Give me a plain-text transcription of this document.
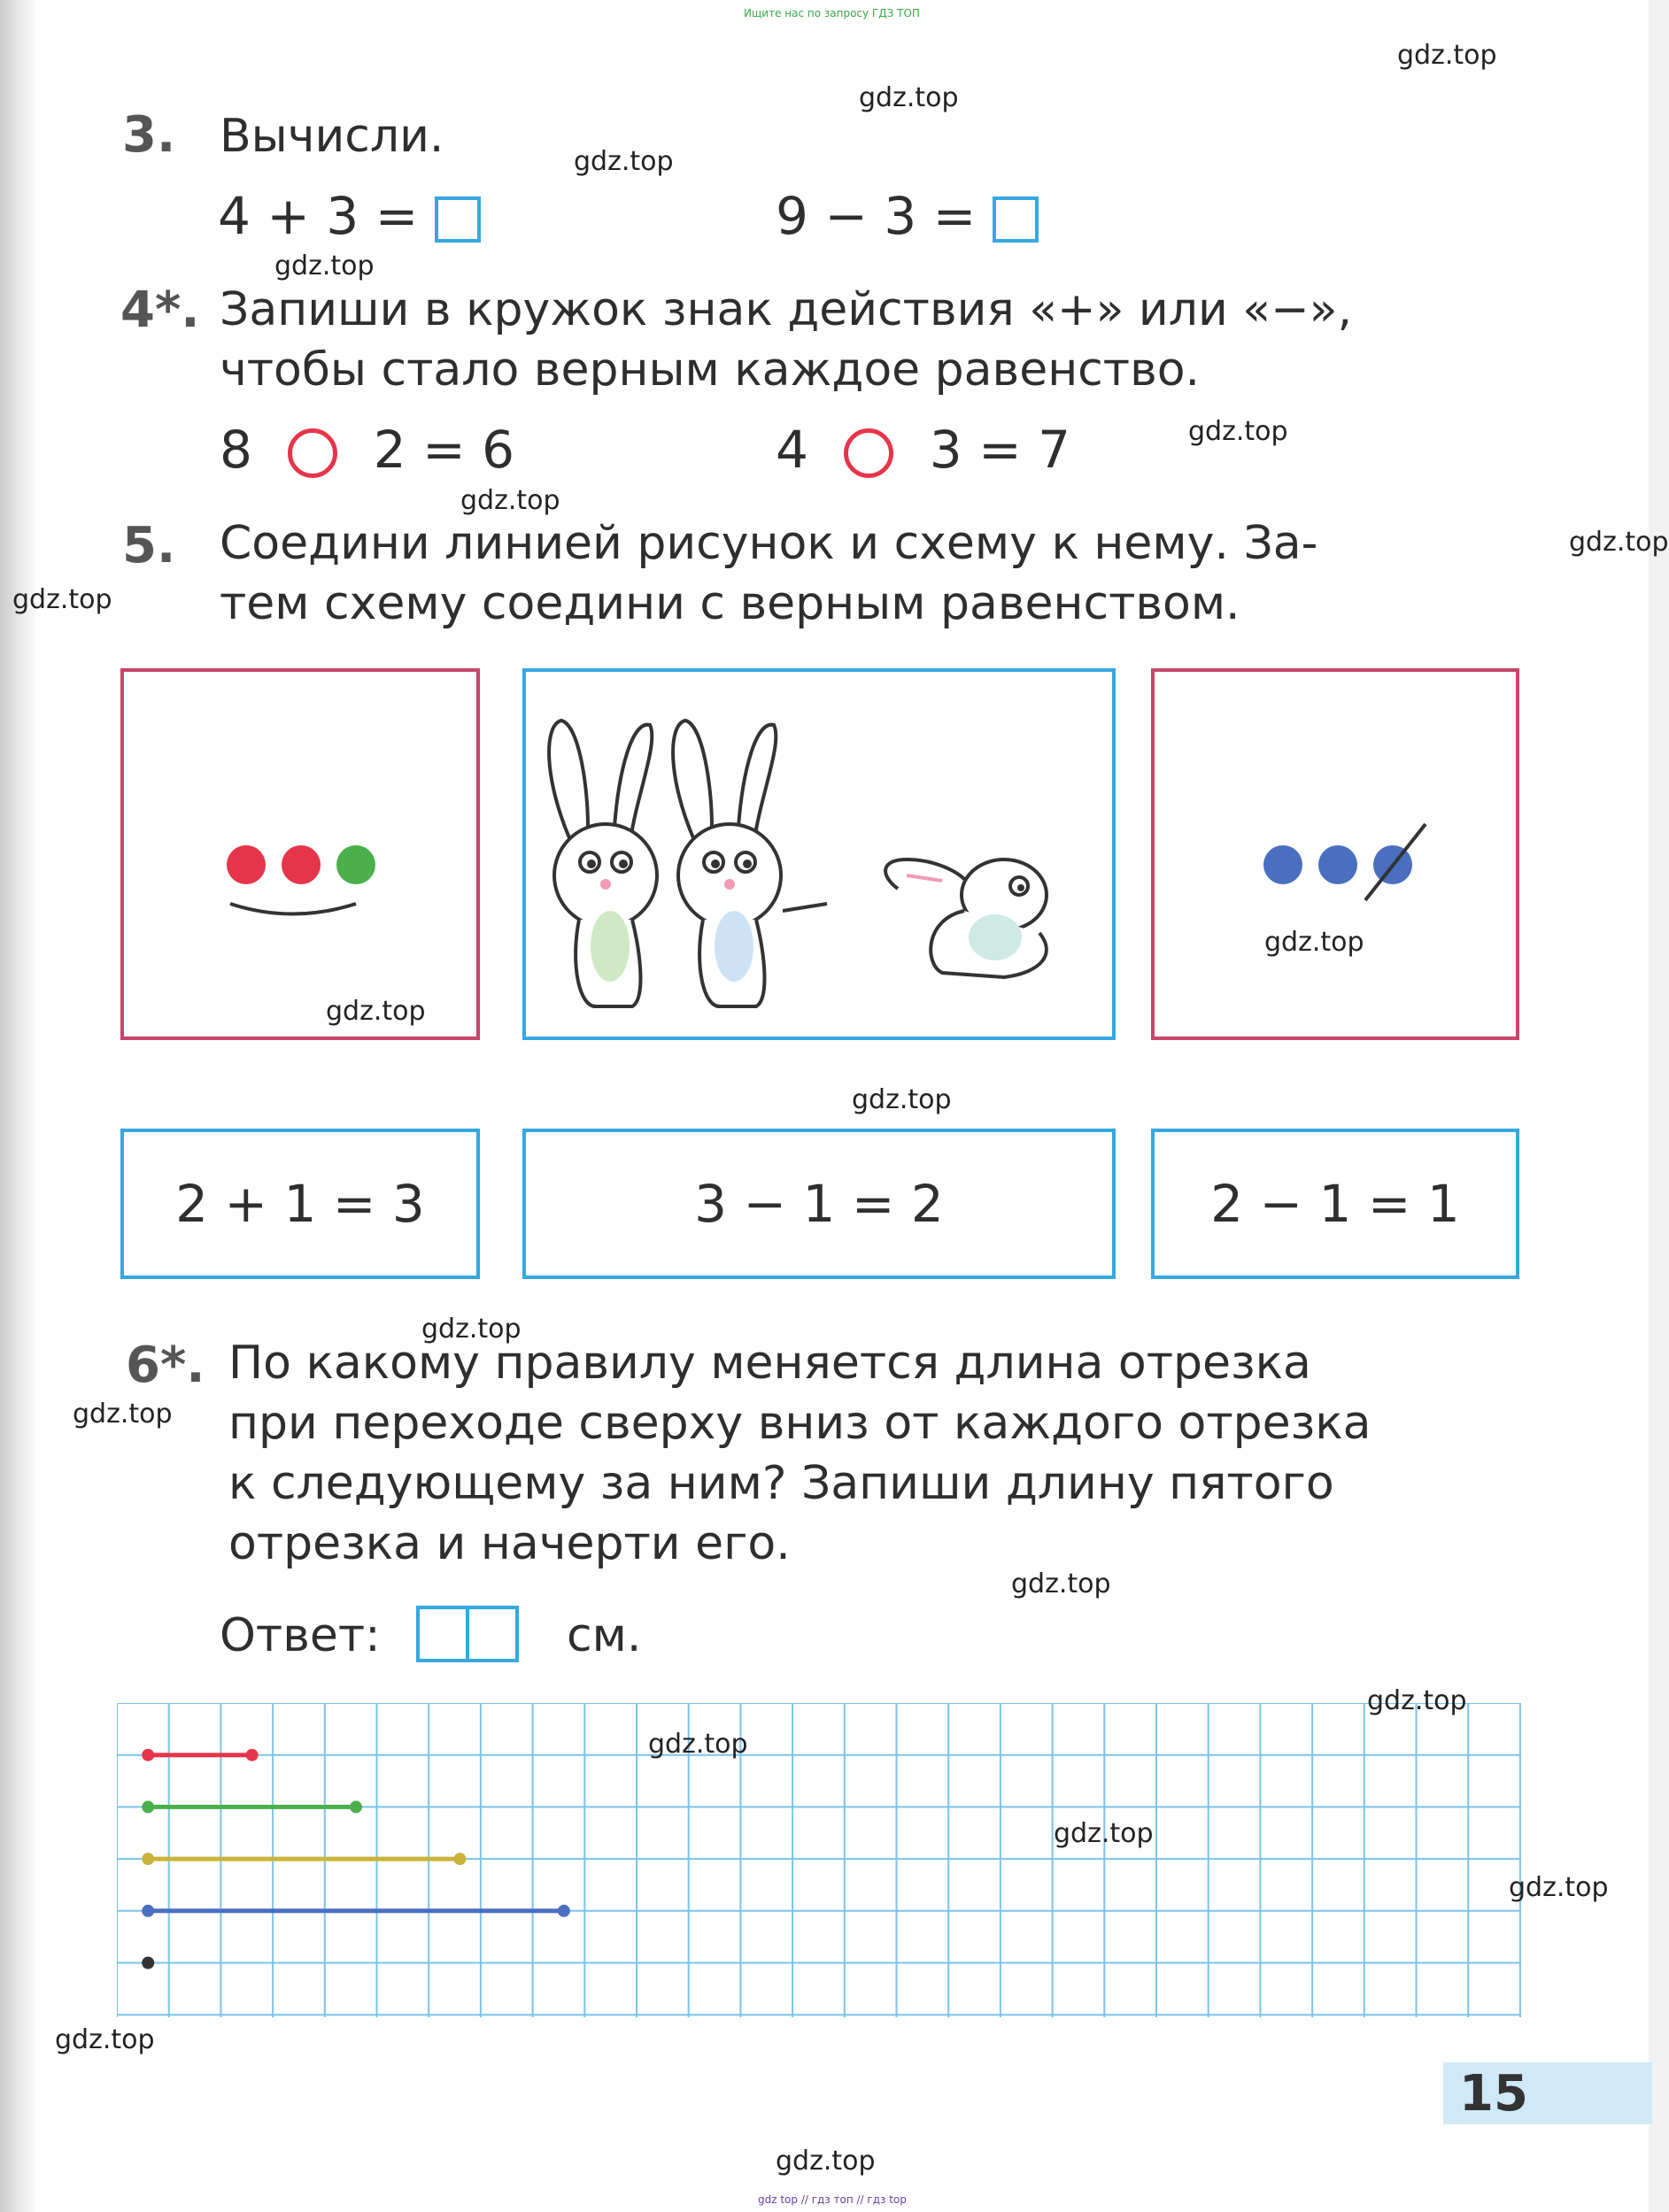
Ищите нас по запросу ГДЗ ТОП
3. Вычисли.
4 + 3 =	9 − 3 =
4*. Запиши в кружок знак действия «+» или «−»,
чтобы стало верным каждое равенство.
8 2 = 6	4 3 = 7
5. Соедини линией рисунок и схему к нему. За-
тем схему соедини с верным равенством.
2 + 1 = 3	3 − 1 = 2	2 − 1 = 1
6*. По какому правилу меняется длина отрезка
при переходе сверху вниз от каждого отрезка
к следующему за ним? Запиши длину пятого
отрезка и начерти его.
Ответ:	см.
15
gdz.top
gdz.top
gdz.top
gdz.top
gdz.top
gdz.top
gdz.top
gdz.top
gdz.top
gdz.top
gdz.top
gdz.top
gdz.top
gdz.top
gdz.top
gdz.top
gdz.top
gdz.top
gdz.top
gdz.top
gdz top // гдз топ // гдз top
